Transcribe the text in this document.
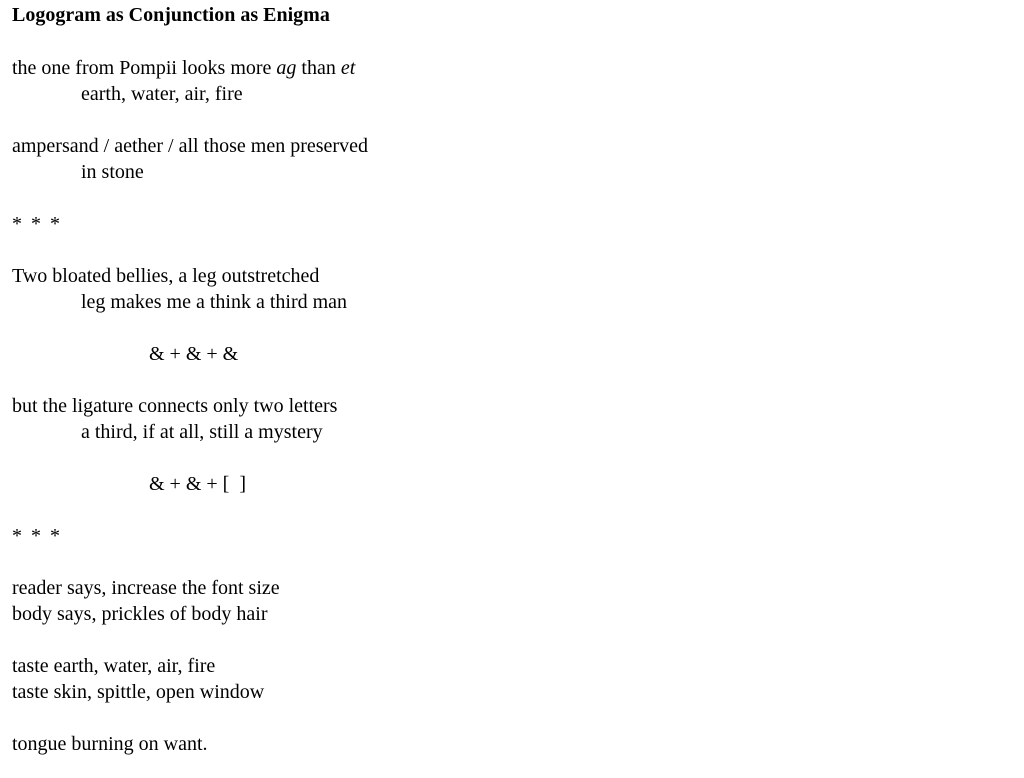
Logogram as Conjunction as Enigma
the one from Pompii looks more ag than et
earth, water, air, fire
ampersand / aether / all those men preserved
in stone
* * *
Two bloated bellies, a leg outstretched
leg makes me a think a third man
& + & + &
but the ligature connects only two letters
a third, if at all, still a mystery
& + & + [  ]
* * *
reader says, increase the font size
body says, prickles of body hair
taste earth, water, air, fire
taste skin, spittle, open window
tongue burning on want.
